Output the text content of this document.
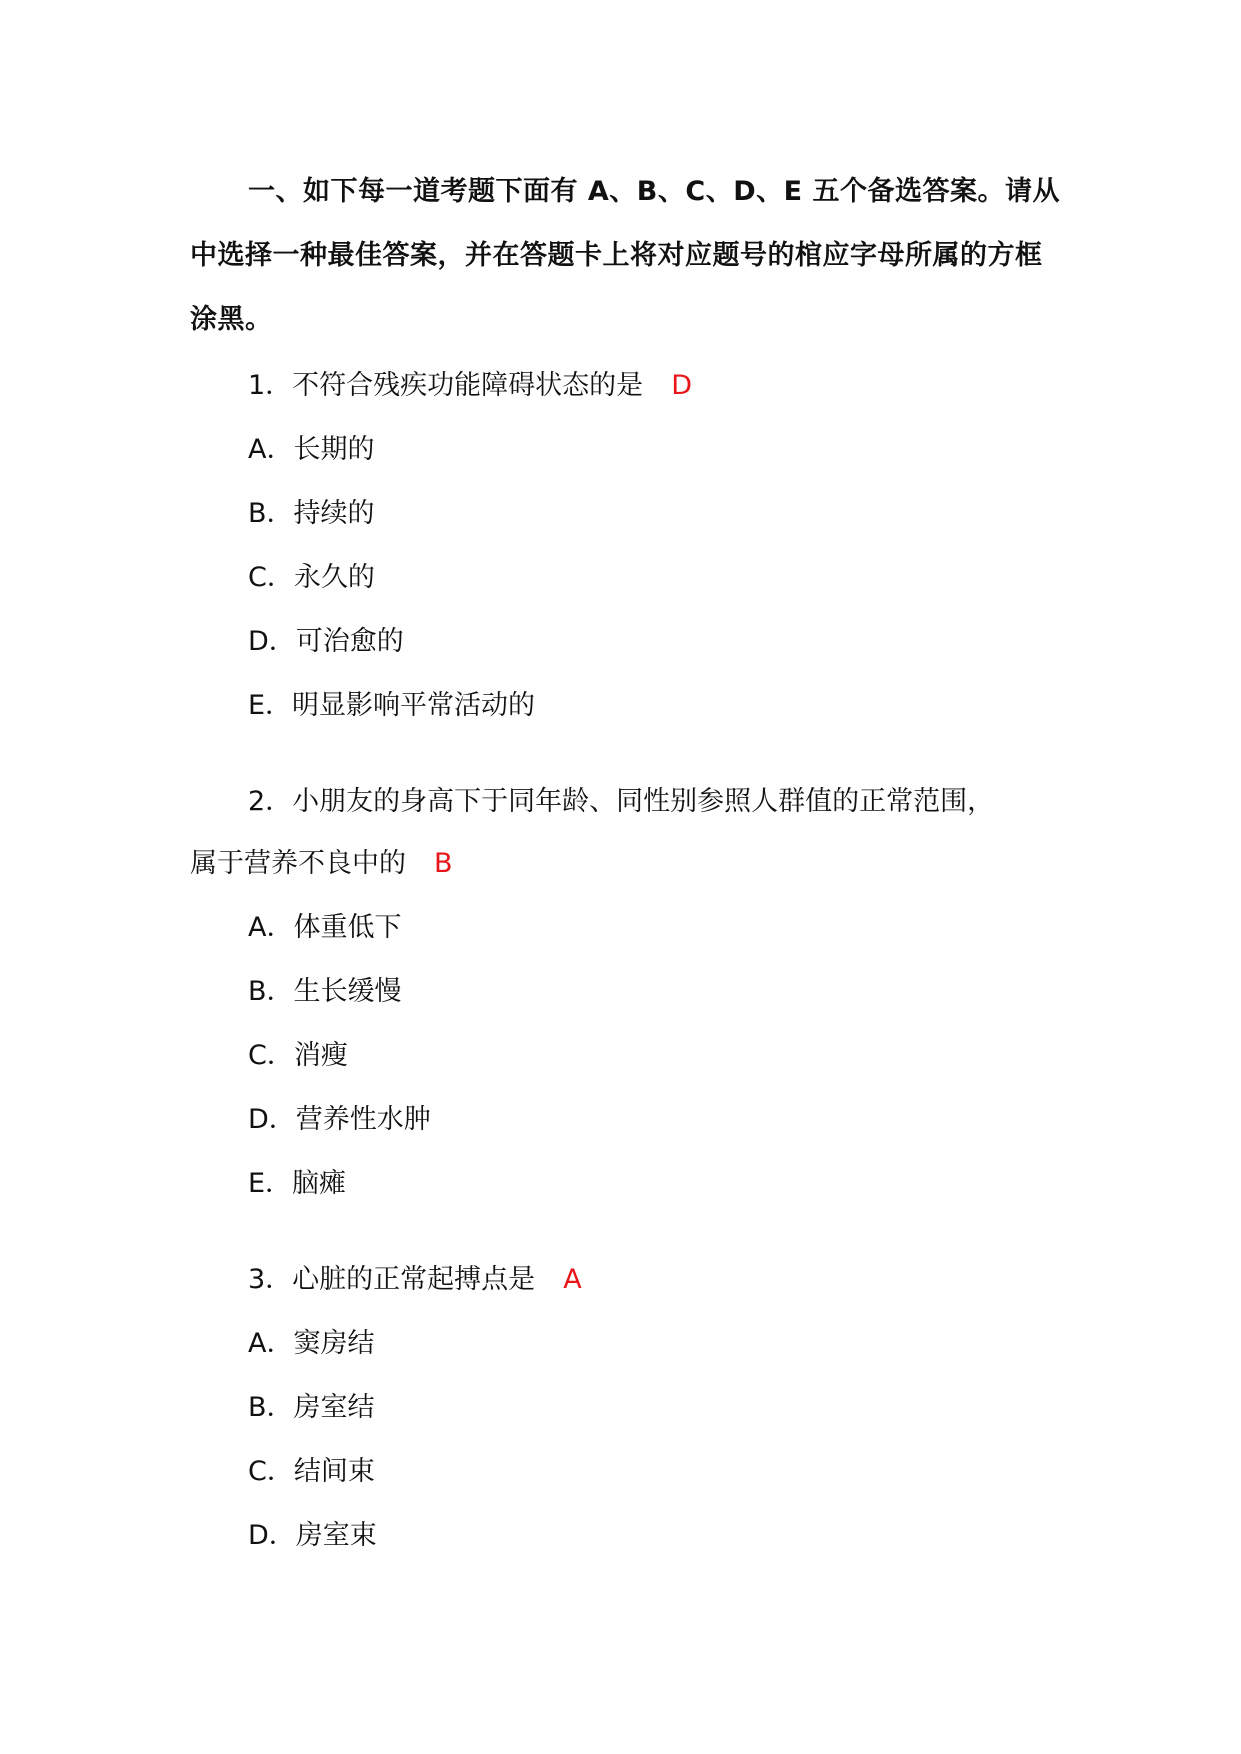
一、如下每一道考题下面有 A、B、C、D、E 五个备选答案。请从中选择一种最佳答案，并在答题卡上将对应题号的棺应字母所属的方框涂黑。
1．不符合残疾功能障碍状态的是 D
A．长期的
B．持续的
C．永久的
D．可治愈的
E．明显影响平常活动的
2．小朋友的身高下于同年龄、同性别参照人群值的正常范围，
属于营养不良中的 B
A．体重低下
B．生长缓慢
C．消瘦
D．营养性水肿
E．脑瘫
3．心脏的正常起搏点是 A
A．窦房结
B．房室结
C．结间束
D．房室束
